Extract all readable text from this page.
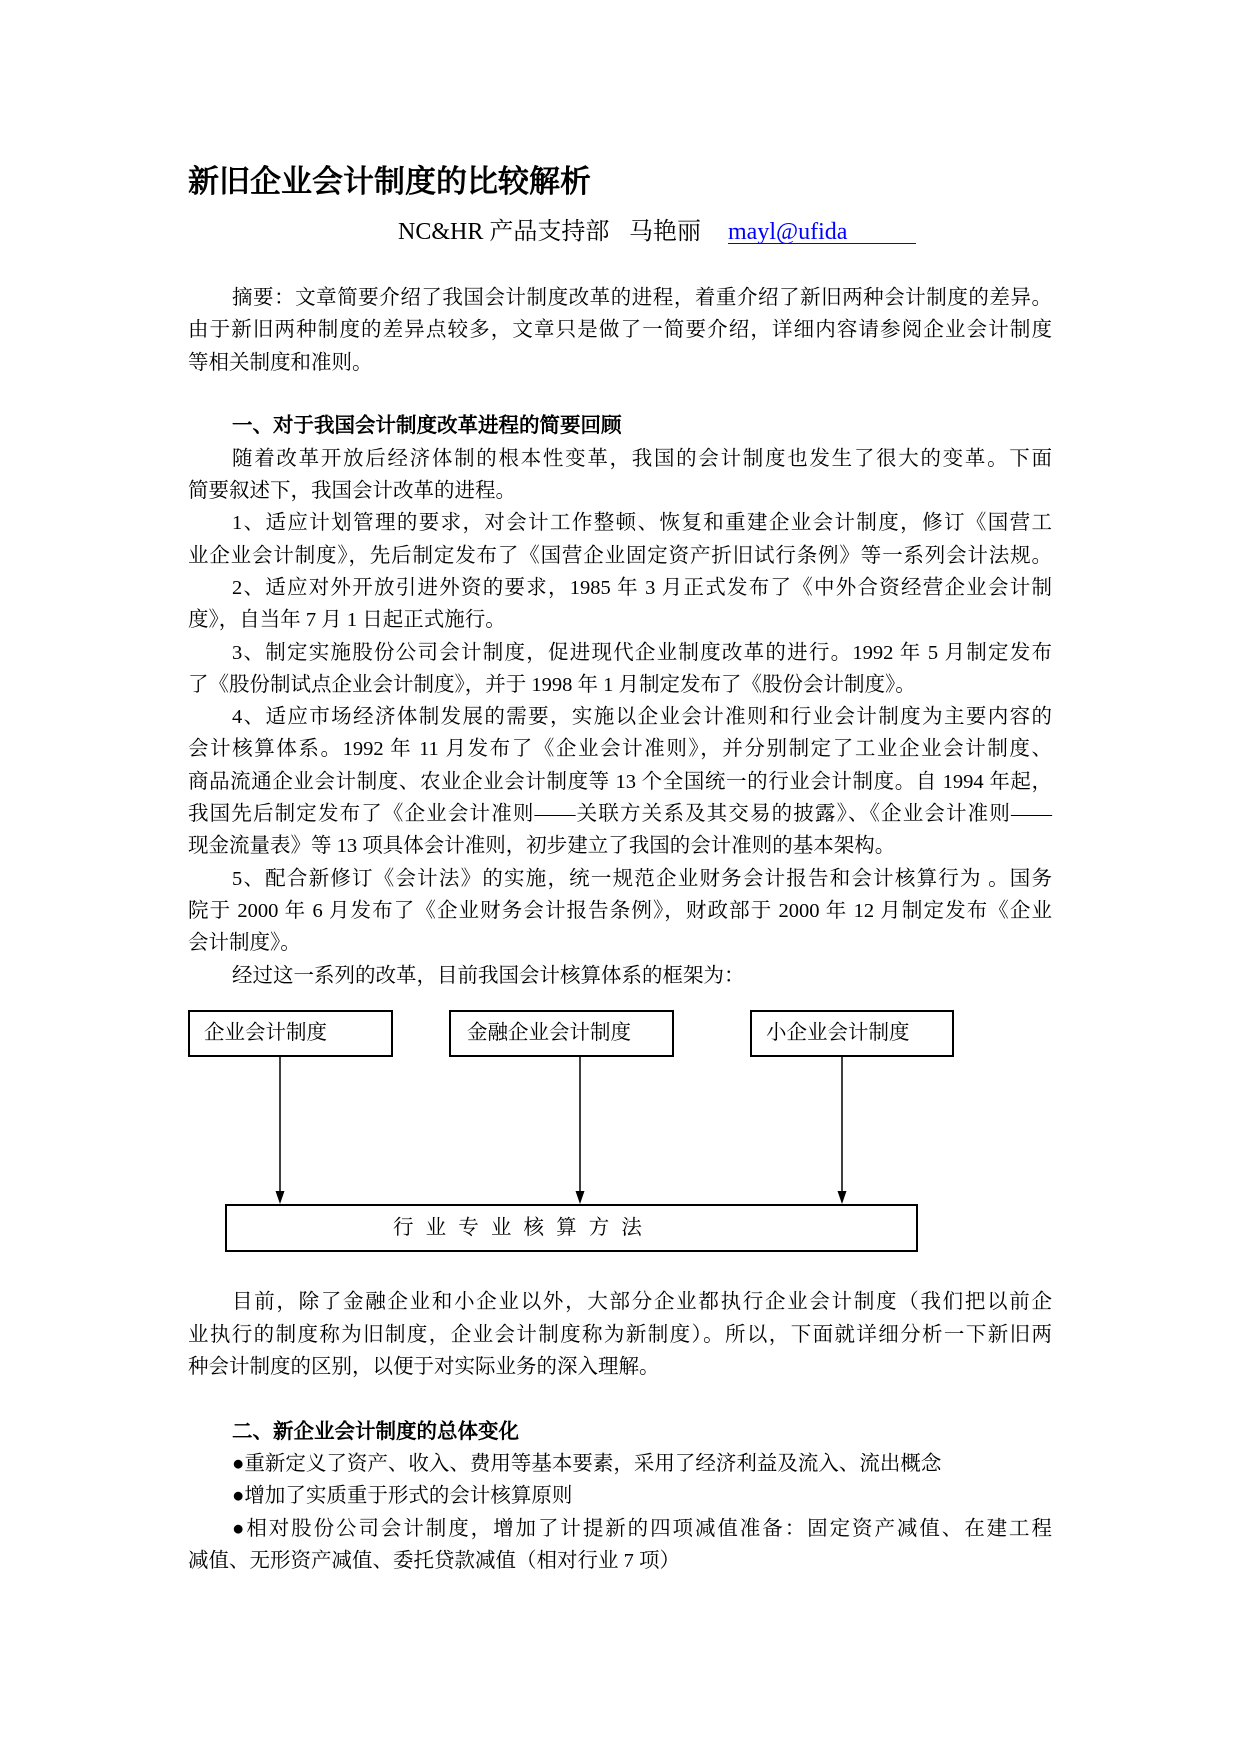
新旧企业会计制度的比较解析
NC&HR 产品支持部 马艳丽 mayl@ufida
摘要：文章简要介绍了我国会计制度改革的进程，着重介绍了新旧两种会计制度的差异。
由于新旧两种制度的差异点较多，文章只是做了一简要介绍，详细内容请参阅企业会计制度
等相关制度和准则。
一、对于我国会计制度改革进程的简要回顾
随着改革开放后经济体制的根本性变革，我国的会计制度也发生了很大的变革。下面
简要叙述下，我国会计改革的进程。
1、适应计划管理的要求，对会计工作整顿、恢复和重建企业会计制度，修订《国营工
业企业会计制度》，先后制定发布了《国营企业固定资产折旧试行条例》等一系列会计法规。
2、适应对外开放引进外资的要求，1985 年 3 月正式发布了《中外合资经营企业会计制
度》，自当年 7 月 1 日起正式施行。
3、制定实施股份公司会计制度，促进现代企业制度改革的进行。1992 年 5 月制定发布
了《股份制试点企业会计制度》，并于 1998 年 1 月制定发布了《股份会计制度》。
4、适应市场经济体制发展的需要，实施以企业会计准则和行业会计制度为主要内容的
会计核算体系。1992 年 11 月发布了《企业会计准则》，并分别制定了工业企业会计制度、
商品流通企业会计制度、农业企业会计制度等 13 个全国统一的行业会计制度。自 1994 年起，
我国先后制定发布了《企业会计准则——关联方关系及其交易的披露》、《企业会计准则——
现金流量表》等 13 项具体会计准则，初步建立了我国的会计准则的基本架构。
5、配合新修订《会计法》的实施，统一规范企业财务会计报告和会计核算行为 。国务
院于 2000 年 6 月发布了《企业财务会计报告条例》，财政部于 2000 年 12 月制定发布《企业
会计制度》。
经过这一系列的改革，目前我国会计核算体系的框架为：
企业会计制度	金融企业会计制度	小企业会计制度
行 业 专 业 核 算 方 法
目前，除了金融企业和小企业以外，大部分企业都执行企业会计制度（我们把以前企
业执行的制度称为旧制度，企业会计制度称为新制度）。所以，下面就详细分析一下新旧两
种会计制度的区别，以便于对实际业务的深入理解。
二、新企业会计制度的总体变化
●重新定义了资产、收入、费用等基本要素，采用了经济利益及流入、流出概念
●增加了实质重于形式的会计核算原则
●相对股份公司会计制度，增加了计提新的四项减值准备：固定资产减值、在建工程
减值、无形资产减值、委托贷款减值（相对行业 7 项）
